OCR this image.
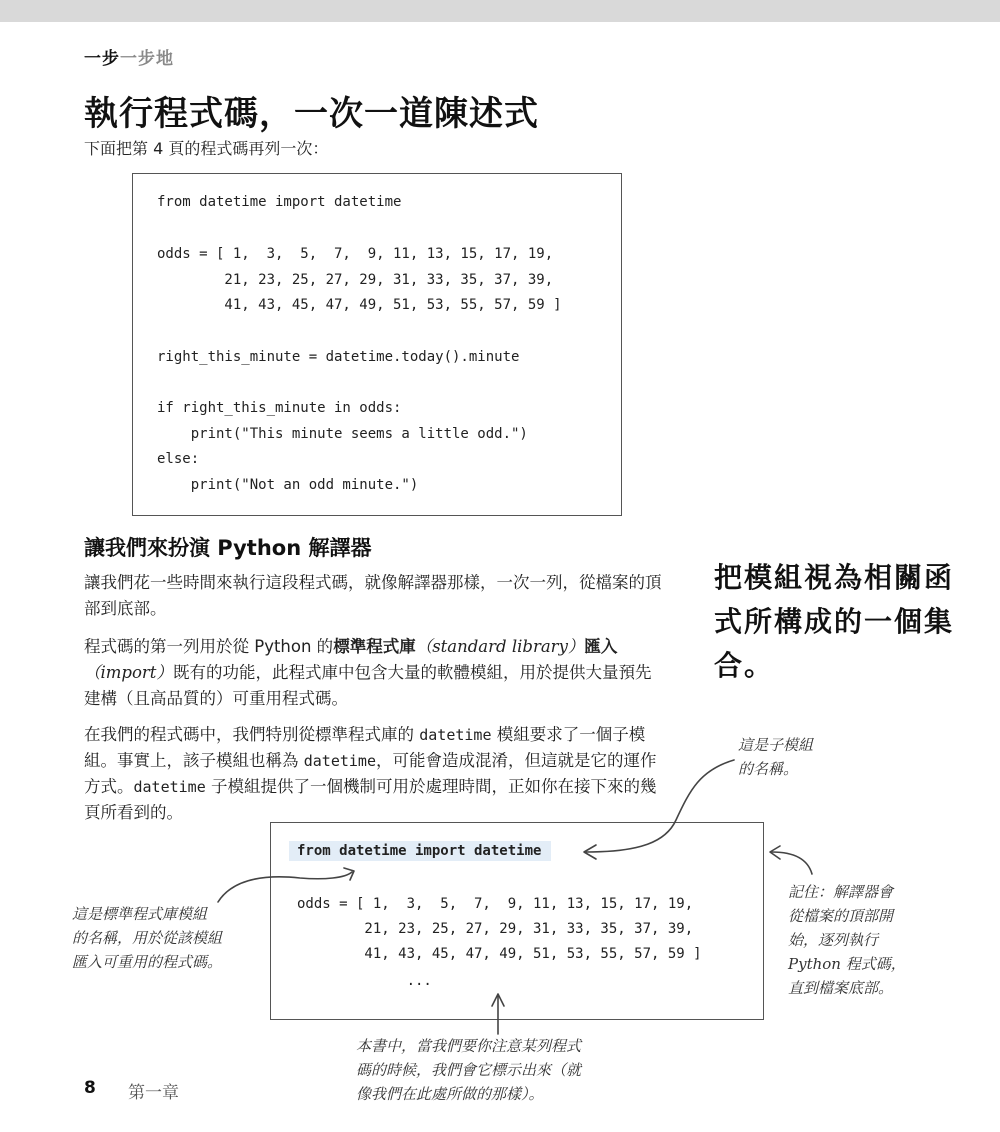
一步一步地
執行程式碼，一次一道陳述式
下面把第 4 頁的程式碼再列一次：
from datetime import datetime
odds = [ 1,  3,  5,  7,  9, 11, 13, 15, 17, 19,
21, 23, 25, 27, 29, 31, 33, 35, 37, 39,
41, 43, 45, 47, 49, 51, 53, 55, 57, 59 ]
right_this_minute = datetime.today().minute
if right_this_minute in odds:
print("This minute seems a little odd.")
else:
print("Not an odd minute.")
讓我們來扮演 Python 解譯器
讓我們花一些時間來執行這段程式碼，就像解譯器那樣，一次一列，從檔案的頂部到底部。
程式碼的第一列用於從 Python 的標準程式庫（standard library）匯入（import）既有的功能，此程式庫中包含大量的軟體模組，用於提供大量預先建構（且高品質的）可重用程式碼。
在我們的程式碼中，我們特別從標準程式庫的 datetime 模組要求了一個子模組。事實上，該子模組也稱為 datetime，可能會造成混淆，但這就是它的運作方式。datetime 子模組提供了一個機制可用於處理時間，正如你在接下來的幾頁所看到的。
把模組視為相關函式所構成的一個集合。
from datetime import datetime
odds = [ 1,  3,  5,  7,  9, 11, 13, 15, 17, 19,
21, 23, 25, 27, 29, 31, 33, 35, 37, 39,
41, 43, 45, 47, 49, 51, 53, 55, 57, 59 ]
...
這是子模組
的名稱。
這是標準程式庫模組
的名稱，用於從該模組
匯入可重用的程式碼。
記住：解譯器會
從檔案的頂部開
始，逐列執行
Python 程式碼，
直到檔案底部。
本書中，當我們要你注意某列程式
碼的時候，我們會它標示出來（就
像我們在此處所做的那樣）。
8 第一章
